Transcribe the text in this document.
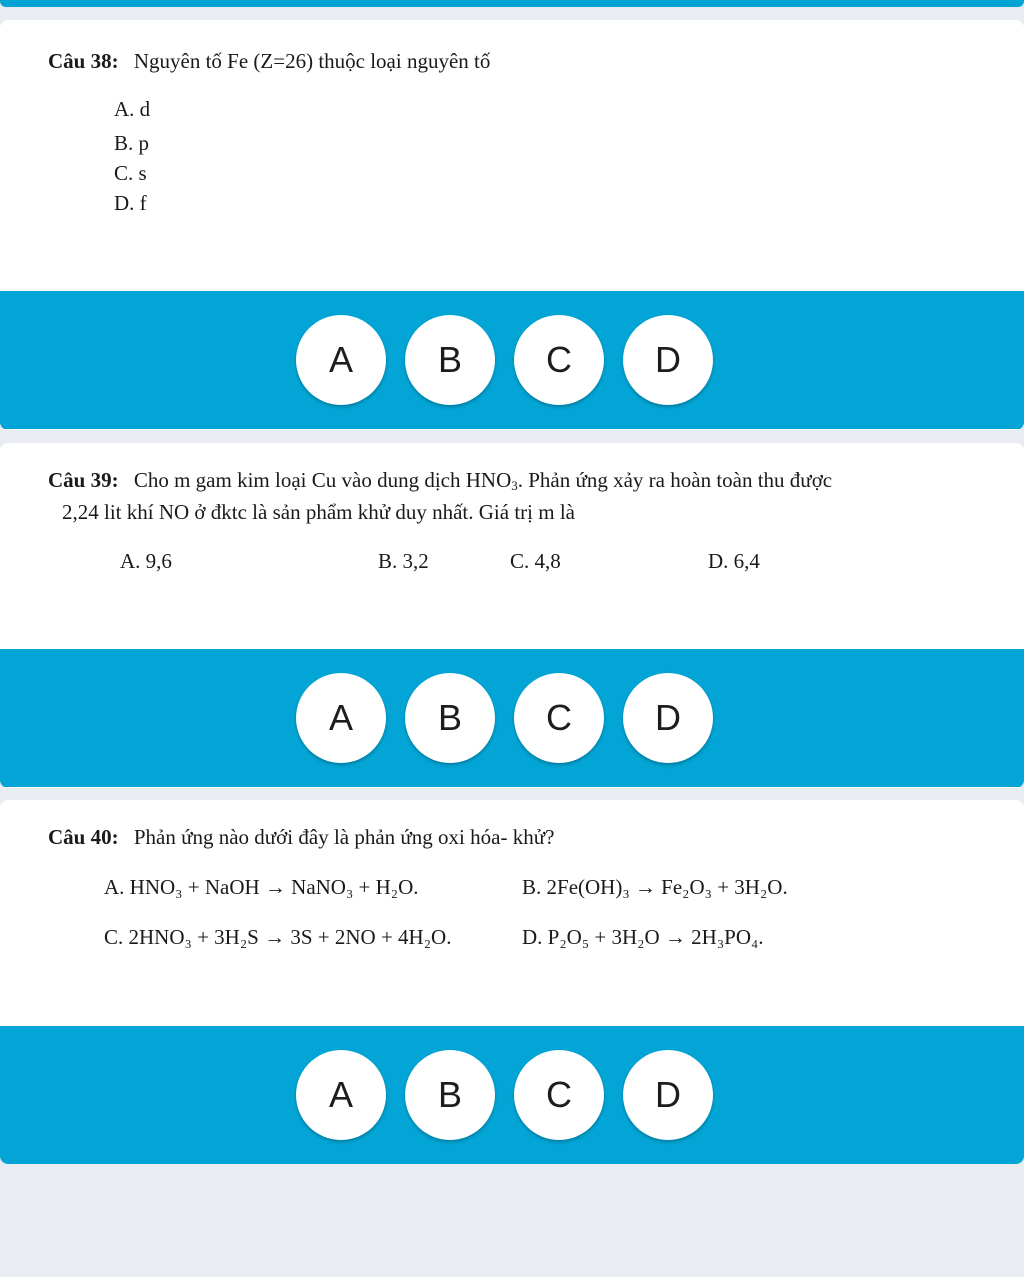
Câu 38: Nguyên tố Fe (Z=26) thuộc loại nguyên tố
A. d
B. p
C. s
D. f
A	B	C	D
Câu 39: Cho m gam kim loại Cu vào dung dịch $HNO_3$. Phản ứng xảy ra hoàn toàn thu được
2,24 lit khí NO ở đktc là sản phẩm khử duy nhất. Giá trị m là
A. 9,6	B. 3,2	C. 4,8	D. 6,4
A	B	C	D
Câu 40: Phản ứng nào dưới đây là phản ứng oxi hóa- khử?
A. HNO₃ + NaOH → NaNO₃ + H₂O.	B. 2Fe(OH)₃ → Fe₂O₃ + 3H₂O.
C. 2HNO₃ + 3H₂S → 3S + 2NO + 4H₂O.	D. P₂O₅ + 3H₂O → 2H₃PO₄.
A	B	C	D
